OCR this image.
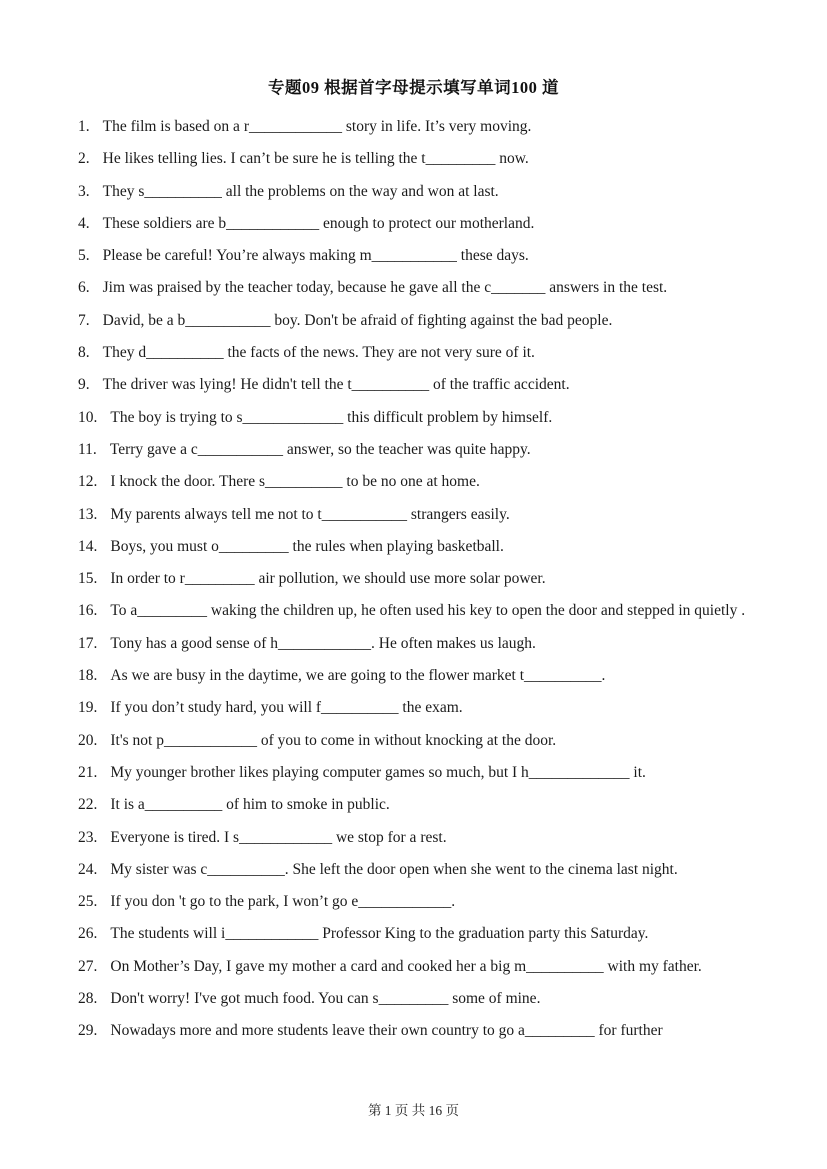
专题09 根据首字母提示填写单词100 道
1. The film is based on a r____________ story in life. It’s very moving.
2. He likes telling lies. I can’t be sure he is telling the t_________ now.
3. They s__________ all the problems on the way and won at last.
4. These soldiers are b____________ enough to protect our motherland.
5. Please be careful! You’re always making m___________ these days.
6. Jim was praised by the teacher today, because he gave all the c_______ answers in the test.
7. David, be a b___________ boy. Don't be afraid of fighting against the bad people.
8. They d__________ the facts of the news. They are not very sure of it.
9. The driver was lying! He didn't tell the t__________ of the traffic accident.
10. The boy is trying to s_____________ this difficult problem by himself.
11. Terry gave a c___________ answer, so the teacher was quite happy.
12. I knock the door. There s__________ to be no one at home.
13. My parents always tell me not to t___________ strangers easily.
14. Boys, you must o_________ the rules when playing basketball.
15. In order to r_________ air pollution, we should use more solar power.
16. To a_________ waking the children up, he often used his key to open the door and stepped in quietly .
17. Tony has a good sense of h____________. He often makes us laugh.
18. As we are busy in the daytime, we are going to the flower market t__________.
19. If you don’t study hard, you will f__________ the exam.
20. It's not p____________ of you to come in without knocking at the door.
21. My younger brother likes playing computer games so much, but I h_____________ it.
22. It is a__________ of him to smoke in public.
23. Everyone is tired. I s____________ we stop for a rest.
24. My sister was c__________. She left the door open when she went to the cinema last night.
25. If you don 't go to the park, I won’t go e____________.
26. The students will i____________ Professor King to the graduation party this Saturday.
27. On Mother’s Day, I gave my mother a card and cooked her a big m__________ with my father.
28. Don't worry! I've got much food. You can s_________ some of mine.
29. Nowadays more and more students leave their own country to go a_________ for further
第 1 页 共 16 页
